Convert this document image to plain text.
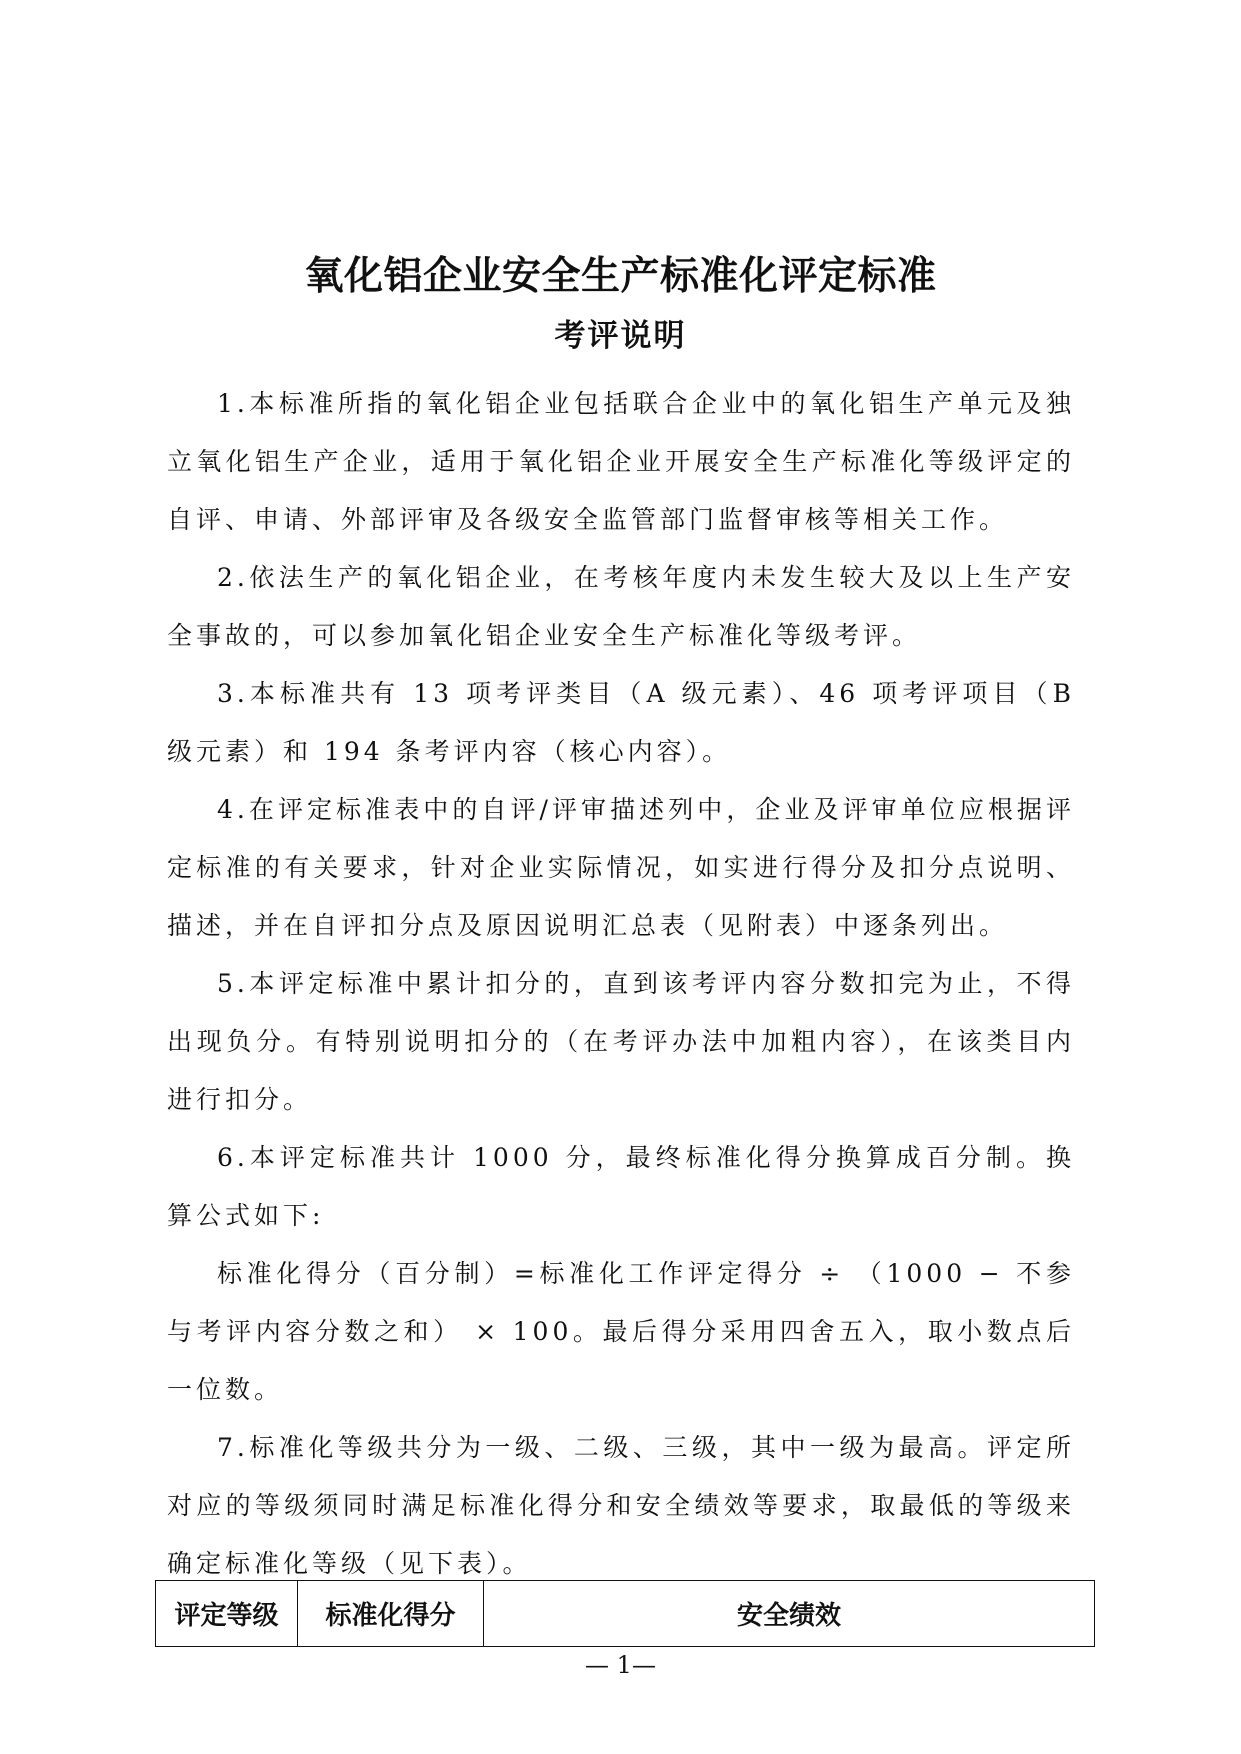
氧化铝企业安全生产标准化评定标准
考评说明

1.本标准所指的氧化铝企业包括联合企业中的氧化铝生产单元及独立氧化铝生产企业，适用于氧化铝企业开展安全生产标准化等级评定的自评、申请、外部评审及各级安全监管部门监督审核等相关工作。

2.依法生产的氧化铝企业，在考核年度内未发生较大及以上生产安全事故的，可以参加氧化铝企业安全生产标准化等级考评。

3.本标准共有 13 项考评类目（A 级元素）、46 项考评项目（B 级元素）和 194 条考评内容（核心内容）。

4.在评定标准表中的自评/评审描述列中，企业及评审单位应根据评定标准的有关要求，针对企业实际情况，如实进行得分及扣分点说明、描述，并在自评扣分点及原因说明汇总表（见附表）中逐条列出。

5.本评定标准中累计扣分的，直到该考评内容分数扣完为止，不得出现负分。有特别说明扣分的（在考评办法中加粗内容），在该类目内进行扣分。

6.本评定标准共计 1000 分，最终标准化得分换算成百分制。换算公式如下:

标准化得分（百分制）=标准化工作评定得分 ÷ （1000 − 不参与考评内容分数之和） × 100。最后得分采用四舍五入，取小数点后一位数。

7.标准化等级共分为一级、二级、三级，其中一级为最高。评定所对应的等级须同时满足标准化得分和安全绩效等要求，取最低的等级来确定标准化等级（见下表）。

评定等级	标准化得分	安全绩效
— 1—
